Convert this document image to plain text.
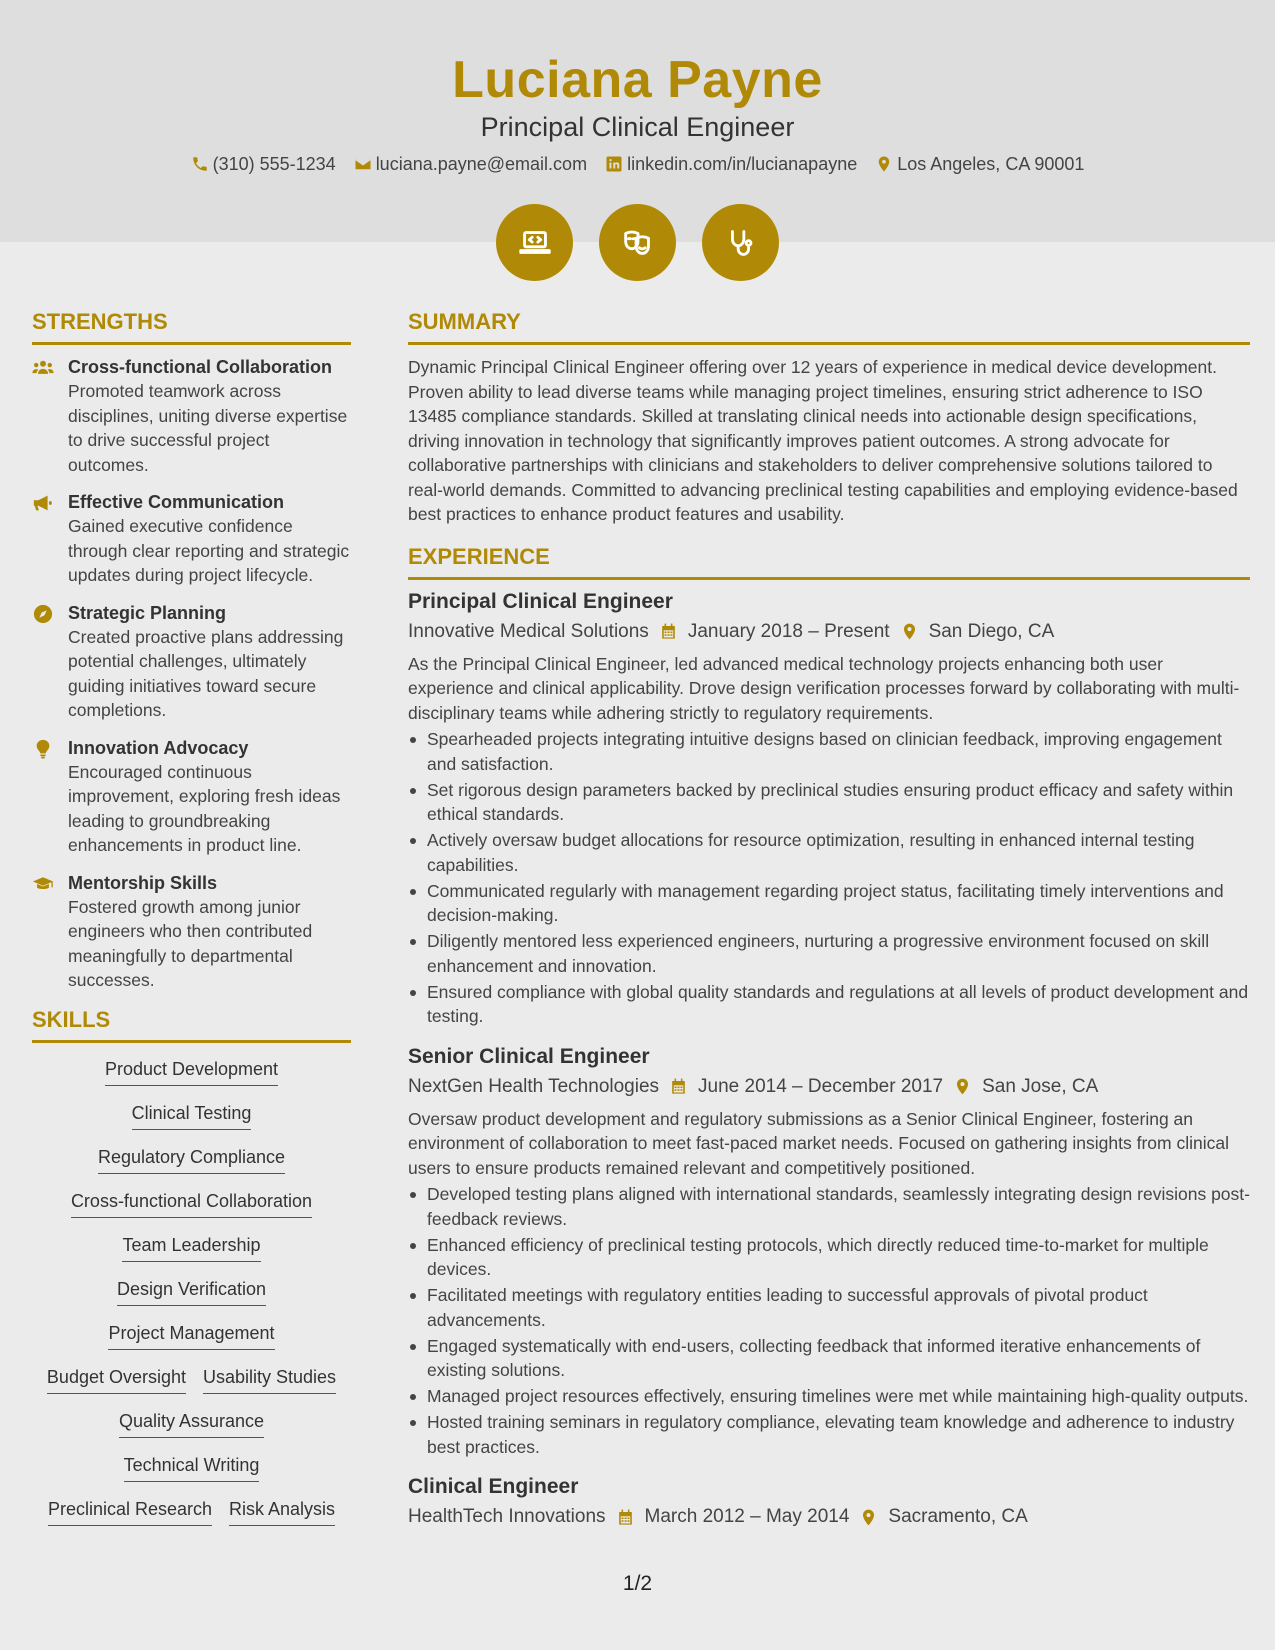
Luciana Payne
Principal Clinical Engineer
(310) 555-1234 luciana.payne@email.com linkedin.com/in/lucianapayne Los Angeles, CA 90001
STRENGTHS
Cross-functional Collaboration
Promoted teamwork across disciplines, uniting diverse expertise to drive successful project outcomes.
Effective Communication
Gained executive confidence through clear reporting and strategic updates during project lifecycle.
Strategic Planning
Created proactive plans addressing potential challenges, ultimately guiding initiatives toward secure completions.
Innovation Advocacy
Encouraged continuous improvement, exploring fresh ideas leading to groundbreaking enhancements in product line.
Mentorship Skills
Fostered growth among junior engineers who then contributed meaningfully to departmental successes.
SKILLS
Product Development
Clinical Testing
Regulatory Compliance
Cross-functional Collaboration
Team Leadership
Design Verification
Project Management
Budget Oversight Usability Studies
Quality Assurance
Technical Writing
Preclinical Research Risk Analysis
SUMMARY
Dynamic Principal Clinical Engineer offering over 12 years of experience in medical device development. Proven ability to lead diverse teams while managing project timelines, ensuring strict adherence to ISO 13485 compliance standards. Skilled at translating clinical needs into actionable design specifications, driving innovation in technology that significantly improves patient outcomes. A strong advocate for collaborative partnerships with clinicians and stakeholders to deliver comprehensive solutions tailored to real-world demands. Committed to advancing preclinical testing capabilities and employing evidence-based best practices to enhance product features and usability.
EXPERIENCE
Principal Clinical Engineer
Innovative Medical Solutions January 2018 – Present San Diego, CA
As the Principal Clinical Engineer, led advanced medical technology projects enhancing both user experience and clinical applicability. Drove design verification processes forward by collaborating with multi-disciplinary teams while adhering strictly to regulatory requirements.
Spearheaded projects integrating intuitive designs based on clinician feedback, improving engagement and satisfaction.
Set rigorous design parameters backed by preclinical studies ensuring product efficacy and safety within ethical standards.
Actively oversaw budget allocations for resource optimization, resulting in enhanced internal testing capabilities.
Communicated regularly with management regarding project status, facilitating timely interventions and decision-making.
Diligently mentored less experienced engineers, nurturing a progressive environment focused on skill enhancement and innovation.
Ensured compliance with global quality standards and regulations at all levels of product development and testing.
Senior Clinical Engineer
NextGen Health Technologies June 2014 – December 2017 San Jose, CA
Oversaw product development and regulatory submissions as a Senior Clinical Engineer, fostering an environment of collaboration to meet fast-paced market needs. Focused on gathering insights from clinical users to ensure products remained relevant and competitively positioned.
Developed testing plans aligned with international standards, seamlessly integrating design revisions post-feedback reviews.
Enhanced efficiency of preclinical testing protocols, which directly reduced time-to-market for multiple devices.
Facilitated meetings with regulatory entities leading to successful approvals of pivotal product advancements.
Engaged systematically with end-users, collecting feedback that informed iterative enhancements of existing solutions.
Managed project resources effectively, ensuring timelines were met while maintaining high-quality outputs.
Hosted training seminars in regulatory compliance, elevating team knowledge and adherence to industry best practices.
Clinical Engineer
HealthTech Innovations March 2012 – May 2014 Sacramento, CA
1/2
